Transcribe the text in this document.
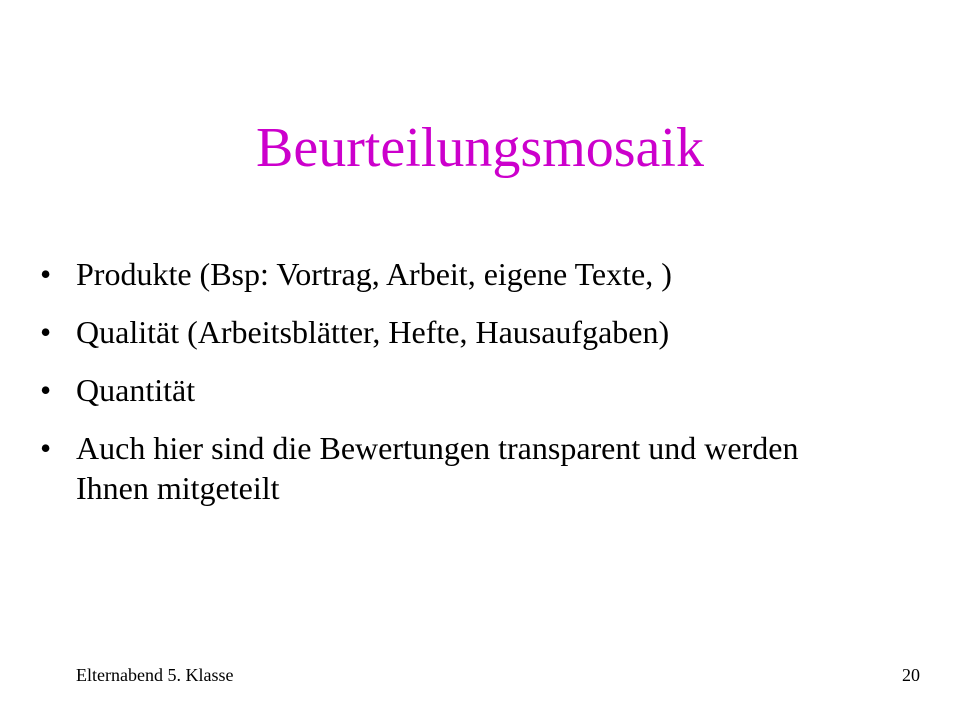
Beurteilungsmosaik
• Produkte (Bsp: Vortrag, Arbeit, eigene Texte, )
• Qualität (Arbeitsblätter, Hefte, Hausaufgaben)
• Quantität
• Auch hier sind die Bewertungen transparent und werden Ihnen mitgeteilt
Elternabend 5. Klasse	20
